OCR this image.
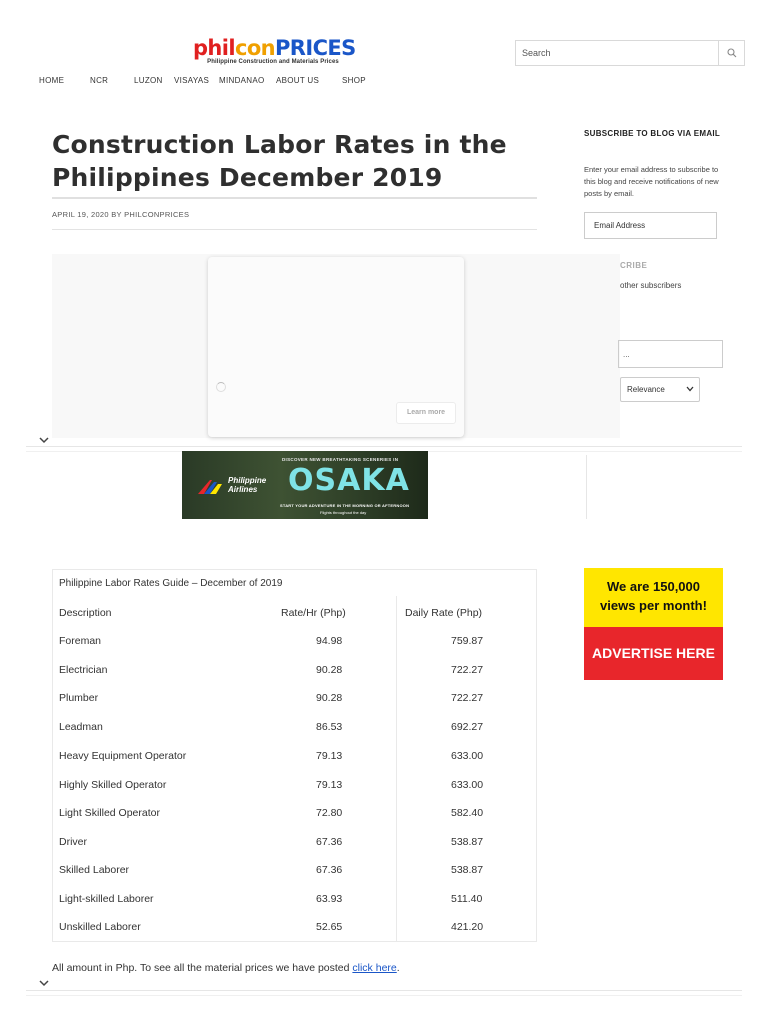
philconPRICES
Philippine Construction and Materials Prices
Search
HOME	NCR	LUZON VISAYAS MINDANAO ABOUT US	SHOP
Construction Labor Rates in the
Philippines December 2019
APRIL 19, 2020 BY PHILCONPRICES
Learn more
Philippine
Airlines
DISCOVER NEW BREATHTAKING SCENERIES IN
OSAKA
START YOUR ADVENTURE IN THE MORNING OR AFTERNOON
Flights throughout the day
Philippine Labor Rates Guide – December of 2019
Description	Rate/Hr (Php)	Daily Rate (Php)
Foreman	94.98	759.87
Electrician	90.28	722.27
Plumber	90.28	722.27
Leadman	86.53	692.27
Heavy Equipment Operator	79.13	633.00
Highly Skilled Operator	79.13	633.00
Light Skilled Operator	72.80	582.40
Driver	67.36	538.87
Skilled Laborer	67.36	538.87
Light-skilled Laborer	63.93	511.40
Unskilled Laborer	52.65	421.20
All amount in Php. To see all the material prices we have posted click here.
SUBSCRIBE TO BLOG VIA EMAIL
Enter your email address to subscribe to this blog and receive notifications of new posts by email.
Email Address
CRIBE
other subscribers
...
Relevance
We are 150,000
views per month!
ADVERTISE HERE
